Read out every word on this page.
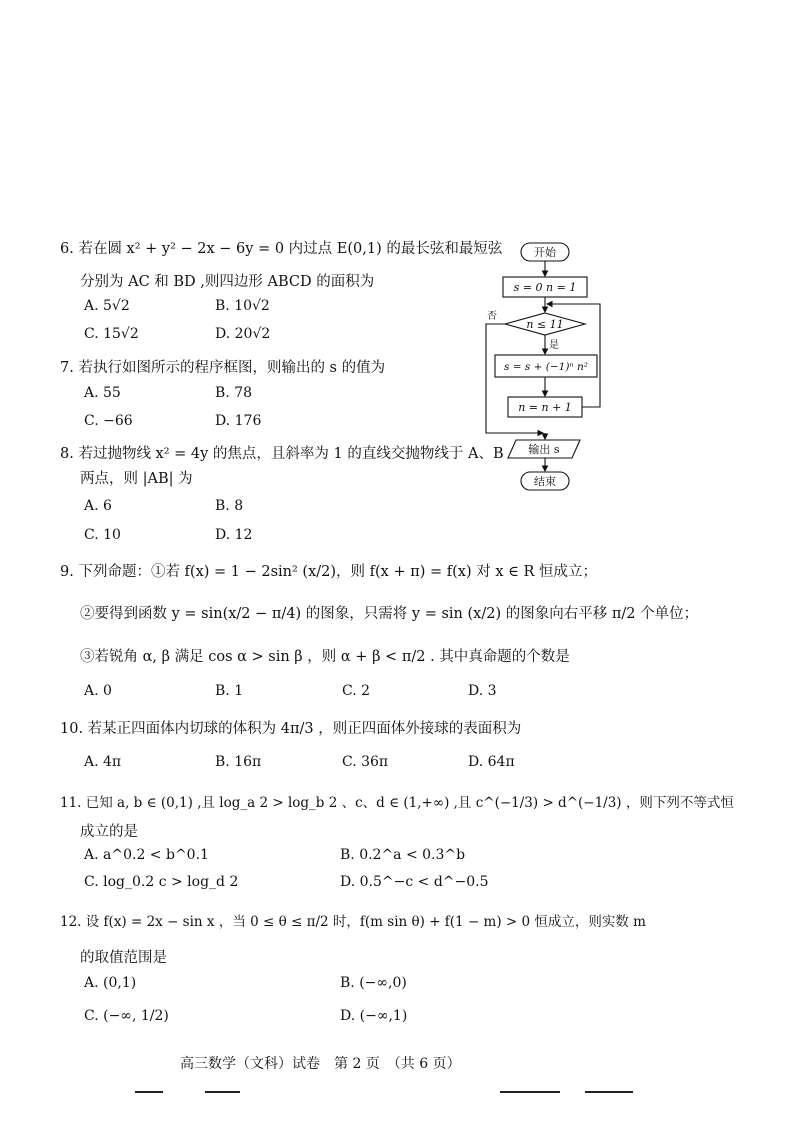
6. 若在圆 x² + y² − 2x − 6y = 0 内过点 E(0,1) 的最长弦和最短弦
分别为 AC 和 BD ,则四边形 ABCD 的面积为
A. 5√2	B. 10√2
C. 15√2	D. 20√2
7. 若执行如图所示的程序框图，则输出的 s 的值为
A. 55	B. 78
C. −66	D. 176
8. 若过抛物线 x² = 4y 的焦点，且斜率为 1 的直线交抛物线于 A、B
两点，则 |AB| 为
A. 6	B. 8
C. 10	D. 12
9. 下列命题：①若 f(x) = 1 − 2sin² (x/2)，则 f(x + π) = f(x) 对 x ∈ R 恒成立；
②要得到函数 y = sin(x/2 − π/4) 的图象，只需将 y = sin (x/2) 的图象向右平移 π/2 个单位；
③若锐角 α, β 满足 cos α > sin β ，则 α + β < π/2 . 其中真命题的个数是
A. 0	B. 1	C. 2	D. 3
10. 若某正四面体内切球的体积为 4π/3 ，则正四面体外接球的表面积为
A. 4π	B. 16π	C. 36π	D. 64π
11. 已知 a, b ∈ (0,1) ,且 log_a 2 > log_b 2 、c、d ∈ (1,+∞) ,且 c^(−1/3) > d^(−1/3) ，则下列不等式恒
成立的是
A. a^0.2 < b^0.1	B. 0.2^a < 0.3^b
C. log_0.2 c > log_d 2	D. 0.5^−c < d^−0.5
12. 设 f(x) = 2x − sin x ，当 0 ≤ θ ≤ π/2 时，f(m sin θ) + f(1 − m) > 0 恒成立，则实数 m
的取值范围是
A. (0,1)	B. (−∞,0)
C. (−∞, 1/2)	D. (−∞,1)
开始
s = 0 n = 1
n ≤ 11
是
否
s = s + (−1)ⁿ n²
n = n + 1
输出 s
结束
高三数学（文科）试卷　第 2 页　（共 6 页）
